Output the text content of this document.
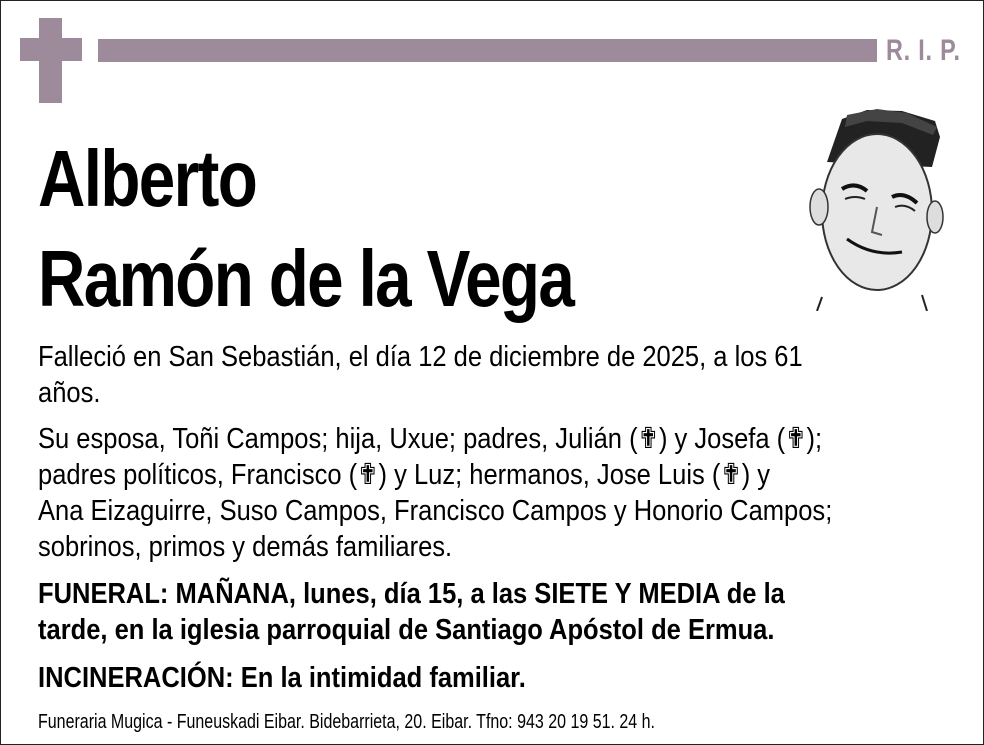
R. I. P.
Alberto
Ramón de la Vega
Falleció en San Sebastián, el día 12 de diciembre de 2025, a los 61
años.
Su esposa, Toñi Campos; hija, Uxue; padres, Julián (✟) y Josefa (✟);
padres políticos, Francisco (✟) y Luz; hermanos, Jose Luis (✟) y
Ana Eizaguirre, Suso Campos, Francisco Campos y Honorio Campos;
sobrinos, primos y demás familiares.
FUNERAL: MAÑANA, lunes, día 15, a las SIETE Y MEDIA de la
tarde, en la iglesia parroquial de Santiago Apóstol de Ermua.
INCINERACIÓN: En la intimidad familiar.
Funeraria Mugica - Funeuskadi Eibar. Bidebarrieta, 20. Eibar. Tfno: 943 20 19 51. 24 h.
